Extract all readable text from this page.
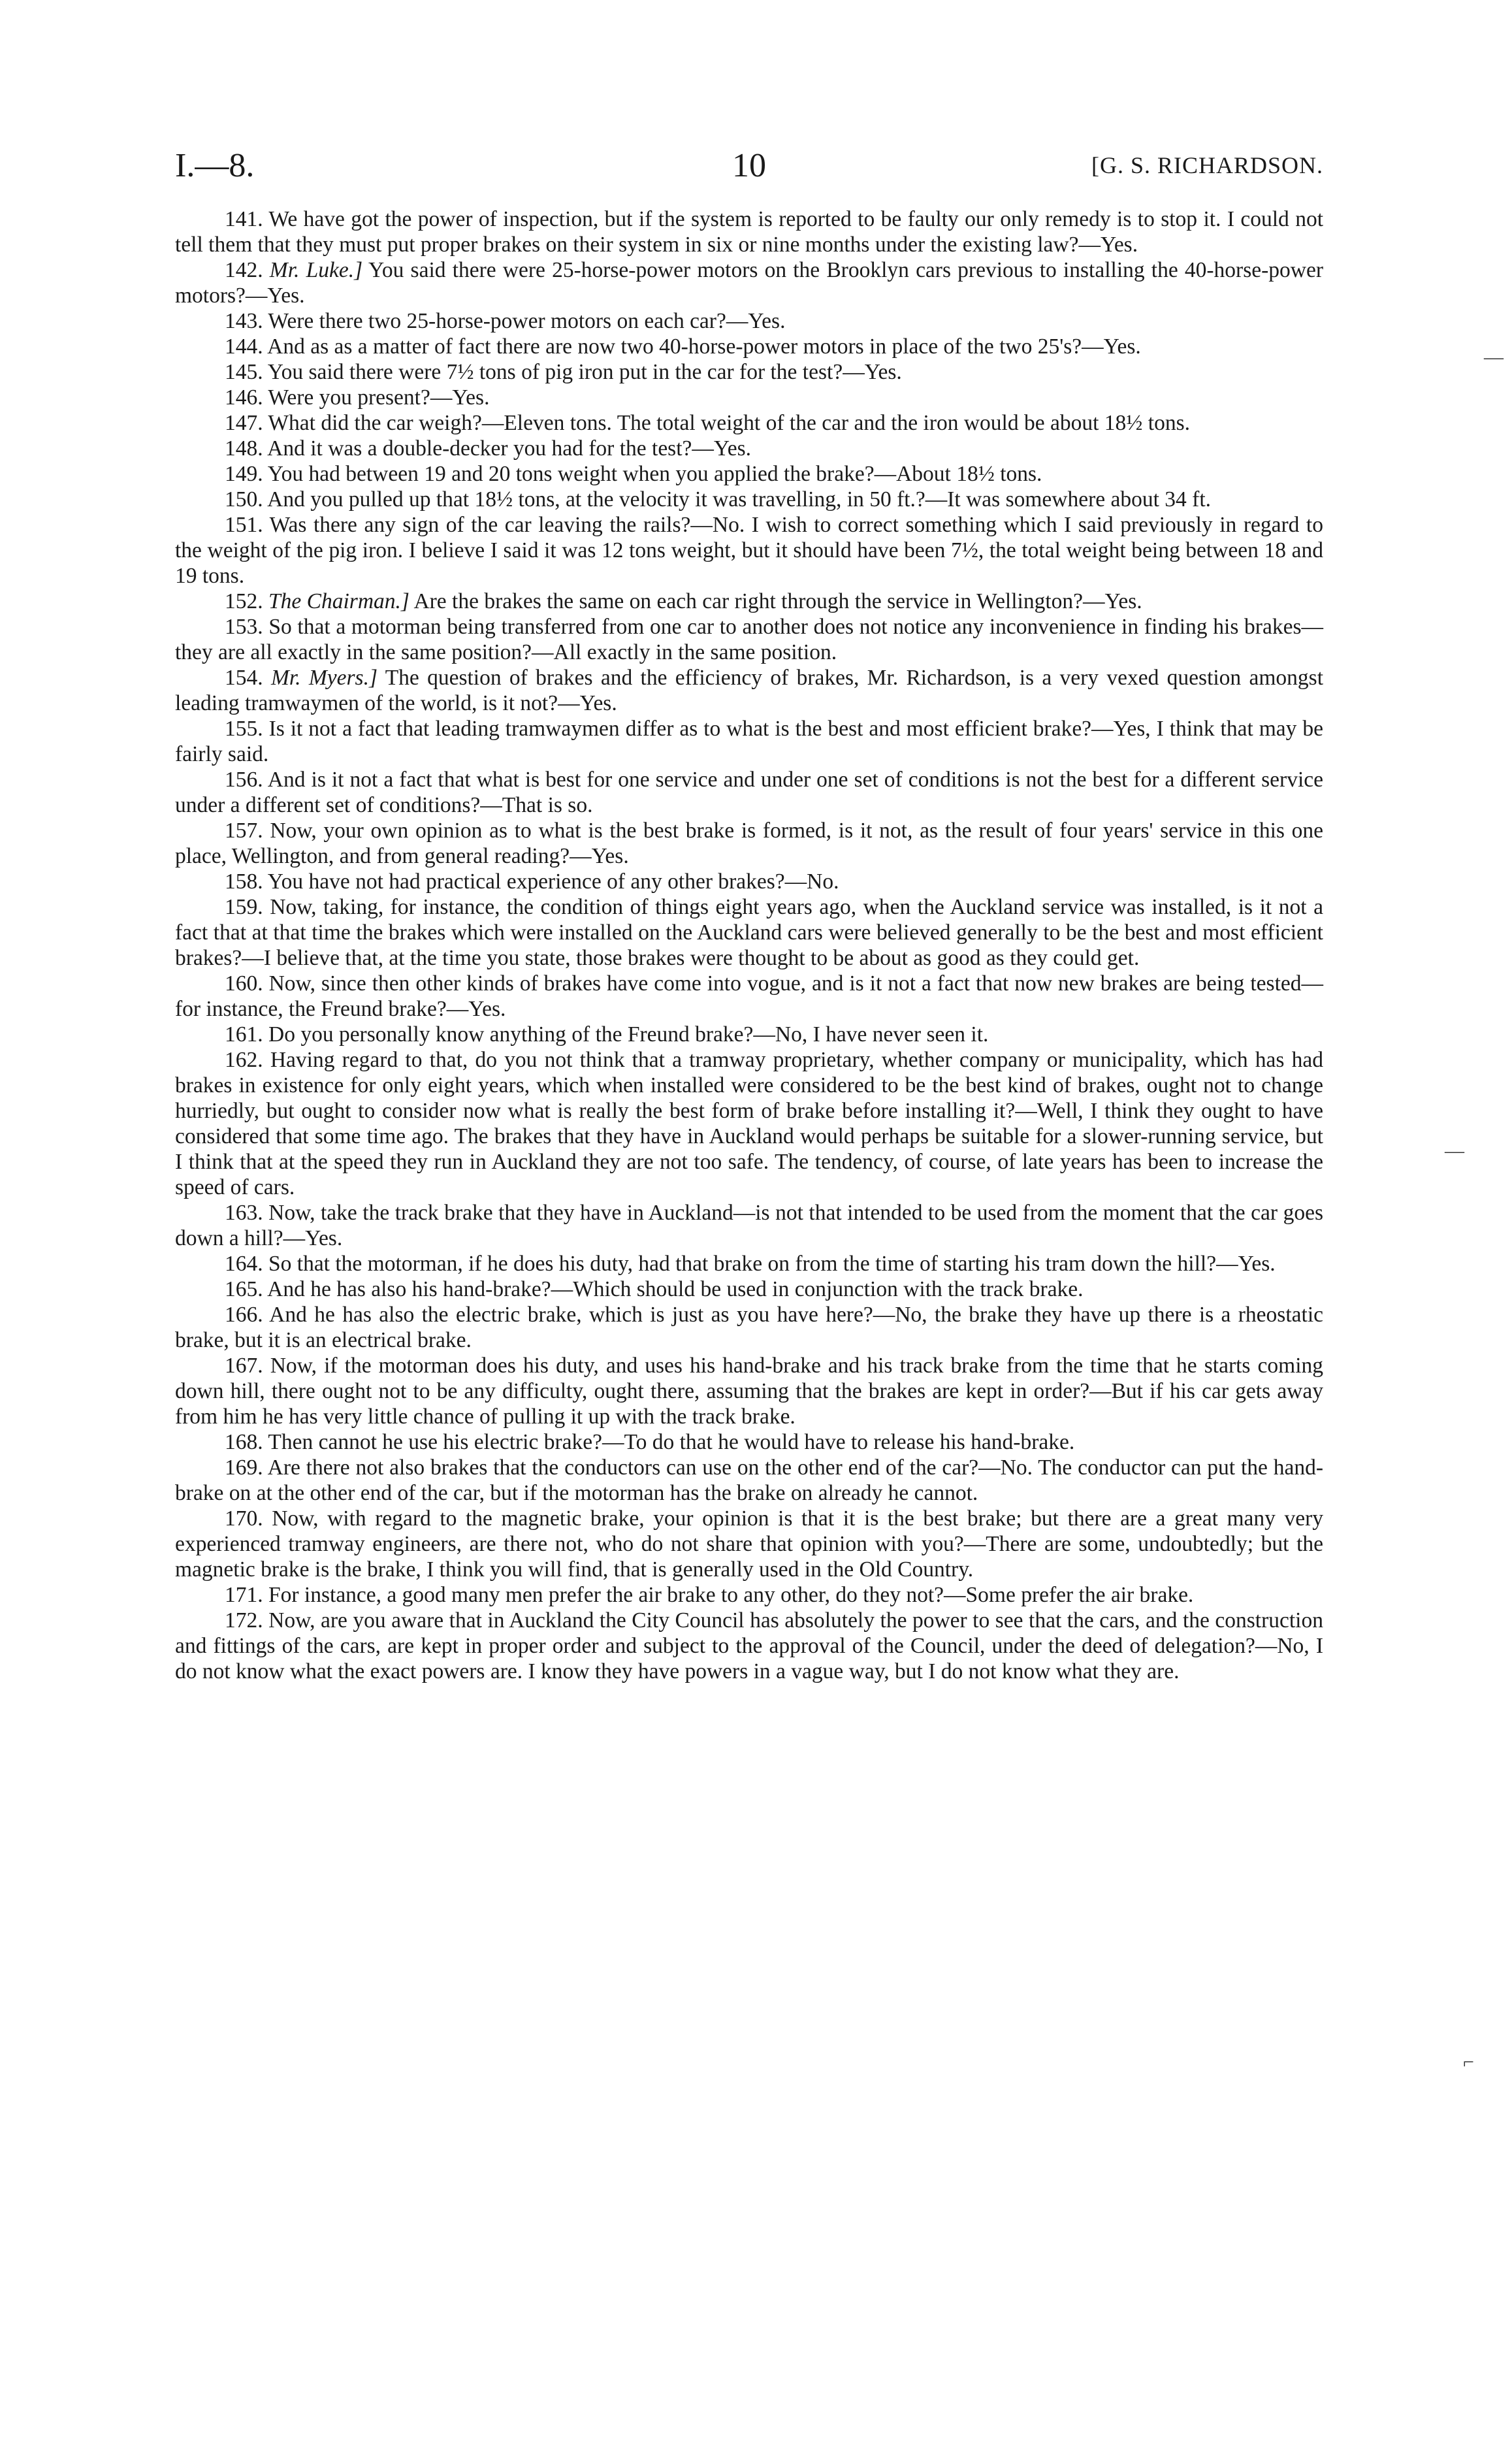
I.—8.	10	[G. S. RICHARDSON.

141. We have got the power of inspection, but if the system is reported to be faulty our only remedy is to stop it. I could not tell them that they must put proper brakes on their system in six or nine months under the existing law?—Yes.

142. Mr. Luke.] You said there were 25-horse-power motors on the Brooklyn cars previous to installing the 40-horse-power motors?—Yes.

143. Were there two 25-horse-power motors on each car?—Yes.

144. And as as a matter of fact there are now two 40-horse-power motors in place of the two 25's?—Yes.

145. You said there were 7½ tons of pig iron put in the car for the test?—Yes.

146. Were you present?—Yes.

147. What did the car weigh?—Eleven tons. The total weight of the car and the iron would be about 18½ tons.

148. And it was a double-decker you had for the test?—Yes.

149. You had between 19 and 20 tons weight when you applied the brake?—About 18½ tons.

150. And you pulled up that 18½ tons, at the velocity it was travelling, in 50 ft.?—It was somewhere about 34 ft.

151. Was there any sign of the car leaving the rails?—No. I wish to correct something which I said previously in regard to the weight of the pig iron. I believe I said it was 12 tons weight, but it should have been 7½, the total weight being between 18 and 19 tons.

152. The Chairman.] Are the brakes the same on each car right through the service in Wellington?—Yes.

153. So that a motorman being transferred from one car to another does not notice any inconvenience in finding his brakes—they are all exactly in the same position?—All exactly in the same position.

154. Mr. Myers.] The question of brakes and the efficiency of brakes, Mr. Richardson, is a very vexed question amongst leading tramwaymen of the world, is it not?—Yes.

155. Is it not a fact that leading tramwaymen differ as to what is the best and most efficient brake?—Yes, I think that may be fairly said.

156. And is it not a fact that what is best for one service and under one set of conditions is not the best for a different service under a different set of conditions?—That is so.

157. Now, your own opinion as to what is the best brake is formed, is it not, as the result of four years' service in this one place, Wellington, and from general reading?—Yes.

158. You have not had practical experience of any other brakes?—No.

159. Now, taking, for instance, the condition of things eight years ago, when the Auckland service was installed, is it not a fact that at that time the brakes which were installed on the Auckland cars were believed generally to be the best and most efficient brakes?—I believe that, at the time you state, those brakes were thought to be about as good as they could get.

160. Now, since then other kinds of brakes have come into vogue, and is it not a fact that now new brakes are being tested—for instance, the Freund brake?—Yes.

161. Do you personally know anything of the Freund brake?—No, I have never seen it.

162. Having regard to that, do you not think that a tramway proprietary, whether company or municipality, which has had brakes in existence for only eight years, which when installed were considered to be the best kind of brakes, ought not to change hurriedly, but ought to consider now what is really the best form of brake before installing it?—Well, I think they ought to have considered that some time ago. The brakes that they have in Auckland would perhaps be suitable for a slower-running service, but I think that at the speed they run in Auckland they are not too safe. The tendency, of course, of late years has been to increase the speed of cars.

163. Now, take the track brake that they have in Auckland—is not that intended to be used from the moment that the car goes down a hill?—Yes.

164. So that the motorman, if he does his duty, had that brake on from the time of starting his tram down the hill?—Yes.

165. And he has also his hand-brake?—Which should be used in conjunction with the track brake.

166. And he has also the electric brake, which is just as you have here?—No, the brake they have up there is a rheostatic brake, but it is an electrical brake.

167. Now, if the motorman does his duty, and uses his hand-brake and his track brake from the time that he starts coming down hill, there ought not to be any difficulty, ought there, assuming that the brakes are kept in order?—But if his car gets away from him he has very little chance of pulling it up with the track brake.

168. Then cannot he use his electric brake?—To do that he would have to release his hand-brake.

169. Are there not also brakes that the conductors can use on the other end of the car?—No. The conductor can put the hand-brake on at the other end of the car, but if the motorman has the brake on already he cannot.

170. Now, with regard to the magnetic brake, your opinion is that it is the best brake; but there are a great many very experienced tramway engineers, are there not, who do not share that opinion with you?—There are some, undoubtedly; but the magnetic brake is the brake, I think you will find, that is generally used in the Old Country.

171. For instance, a good many men prefer the air brake to any other, do they not?—Some prefer the air brake.

172. Now, are you aware that in Auckland the City Council has absolutely the power to see that the cars, and the construction and fittings of the cars, are kept in proper order and subject to the approval of the Council, under the deed of delegation?—No, I do not know what the exact powers are. I know they have powers in a vague way, but I do not know what they are.

—
—
⌐
